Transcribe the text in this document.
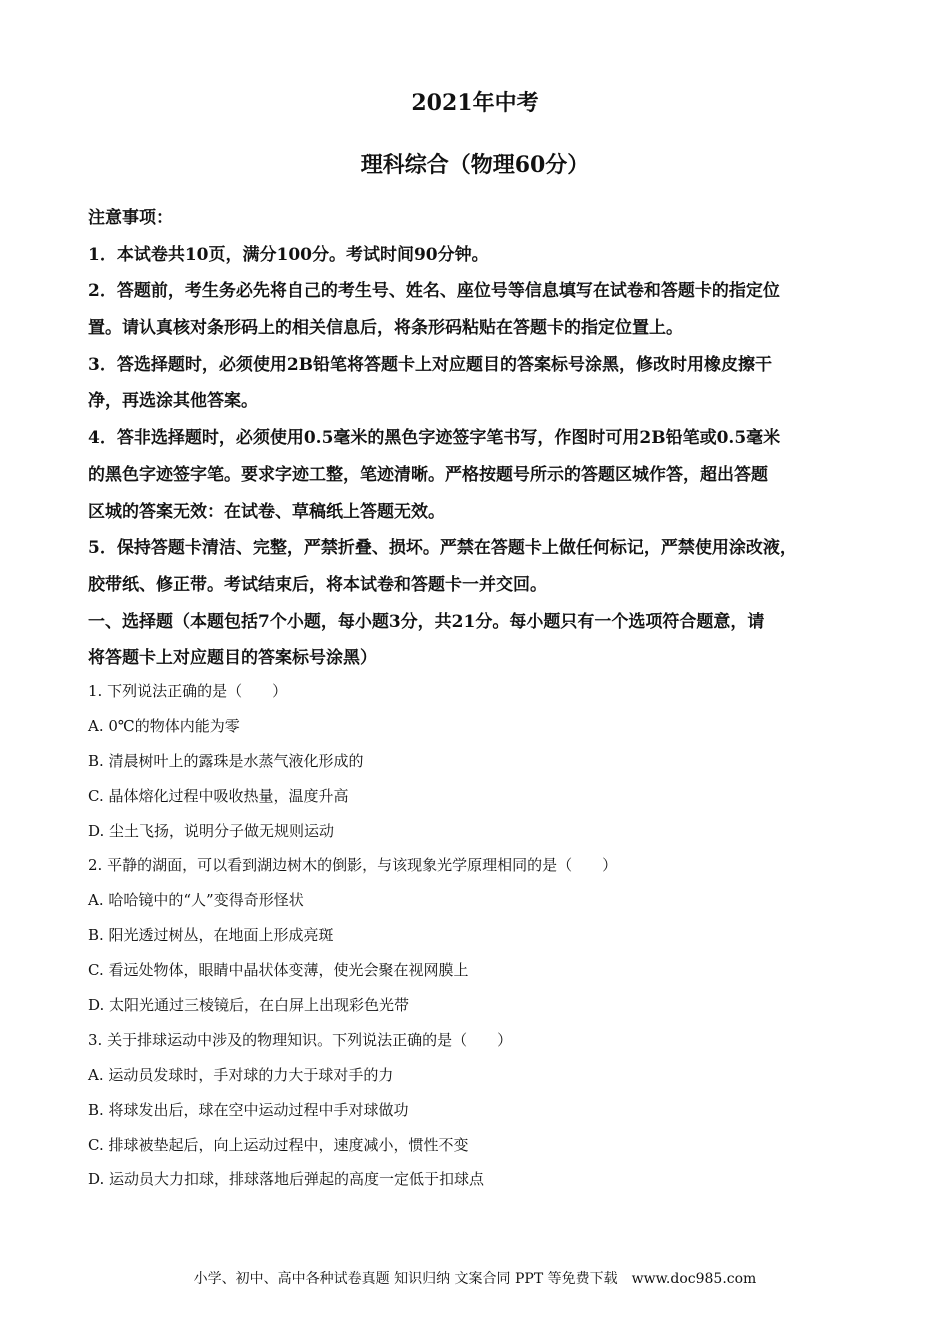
2021年中考
理科综合（物理60分）
注意事项：
1．本试卷共10页，满分100分。考试时间90分钟。
2．答题前，考生务必先将自己的考生号、姓名、座位号等信息填写在试卷和答题卡的指定位
置。请认真核对条形码上的相关信息后，将条形码粘贴在答题卡的指定位置上。
3．答选择题时，必须使用2B铅笔将答题卡上对应题目的答案标号涂黑，修改时用橡皮擦干
净，再选涂其他答案。
4．答非选择题时，必须使用0.5毫米的黑色字迹签字笔书写，作图时可用2B铅笔或0.5毫米
的黑色字迹签字笔。要求字迹工整，笔迹清晰。严格按题号所示的答题区城作答，超出答题
区城的答案无效：在试卷、草稿纸上答题无效。
5．保持答题卡清洁、完整，严禁折叠、损坏。严禁在答题卡上做任何标记，严禁使用涂改液，
胶带纸、修正带。考试结束后，将本试卷和答题卡一并交回。
一、选择题（本题包括7个小题，每小题3分，共21分。每小题只有一个选项符合题意，请
将答题卡上对应题目的答案标号涂黑）
1. 下列说法正确的是（　　）
A. 0℃的物体内能为零
B. 清晨树叶上的露珠是水蒸气液化形成的
C. 晶体熔化过程中吸收热量，温度升高
D. 尘土飞扬，说明分子做无规则运动
2. 平静的湖面，可以看到湖边树木的倒影，与该现象光学原理相同的是（　　）
A. 哈哈镜中的“人”变得奇形怪状
B. 阳光透过树丛，在地面上形成亮斑
C. 看远处物体，眼睛中晶状体变薄，使光会聚在视网膜上
D. 太阳光通过三棱镜后，在白屏上出现彩色光带
3. 关于排球运动中涉及的物理知识。下列说法正确的是（　　）
A. 运动员发球时，手对球的力大于球对手的力
B. 将球发出后，球在空中运动过程中手对球做功
C. 排球被垫起后，向上运动过程中，速度减小，惯性不变
D. 运动员大力扣球，排球落地后弹起的高度一定低于扣球点
小学、初中、高中各种试卷真题 知识归纳 文案合同 PPT 等免费下载　www.doc985.com
